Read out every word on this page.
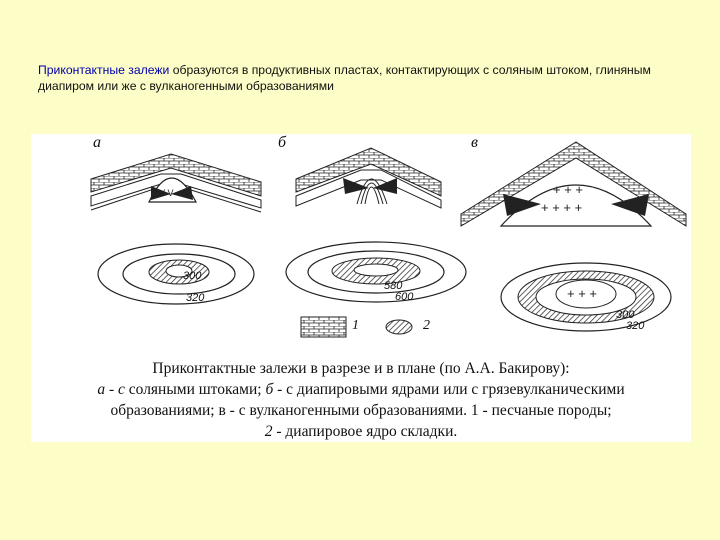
Приконтактные залежи образуются в продуктивных пластах, контактирующих с соляным штоком, глиняным диапиром или же с вулканогенными образованиями
V V	+ + +
+ + + +
+ + +
а	б	в
300
320
580
600
300
320
1	2
Приконтактные залежи в разрезе и в плане (по А.А. Бакирову):
а - с соляными штоками; б - с диапировыми ядрами или с грязевулканическими
образованиями; в - с вулканогенными образованиями. 1 - песчаные породы;
2 - диапировое ядро складки.
